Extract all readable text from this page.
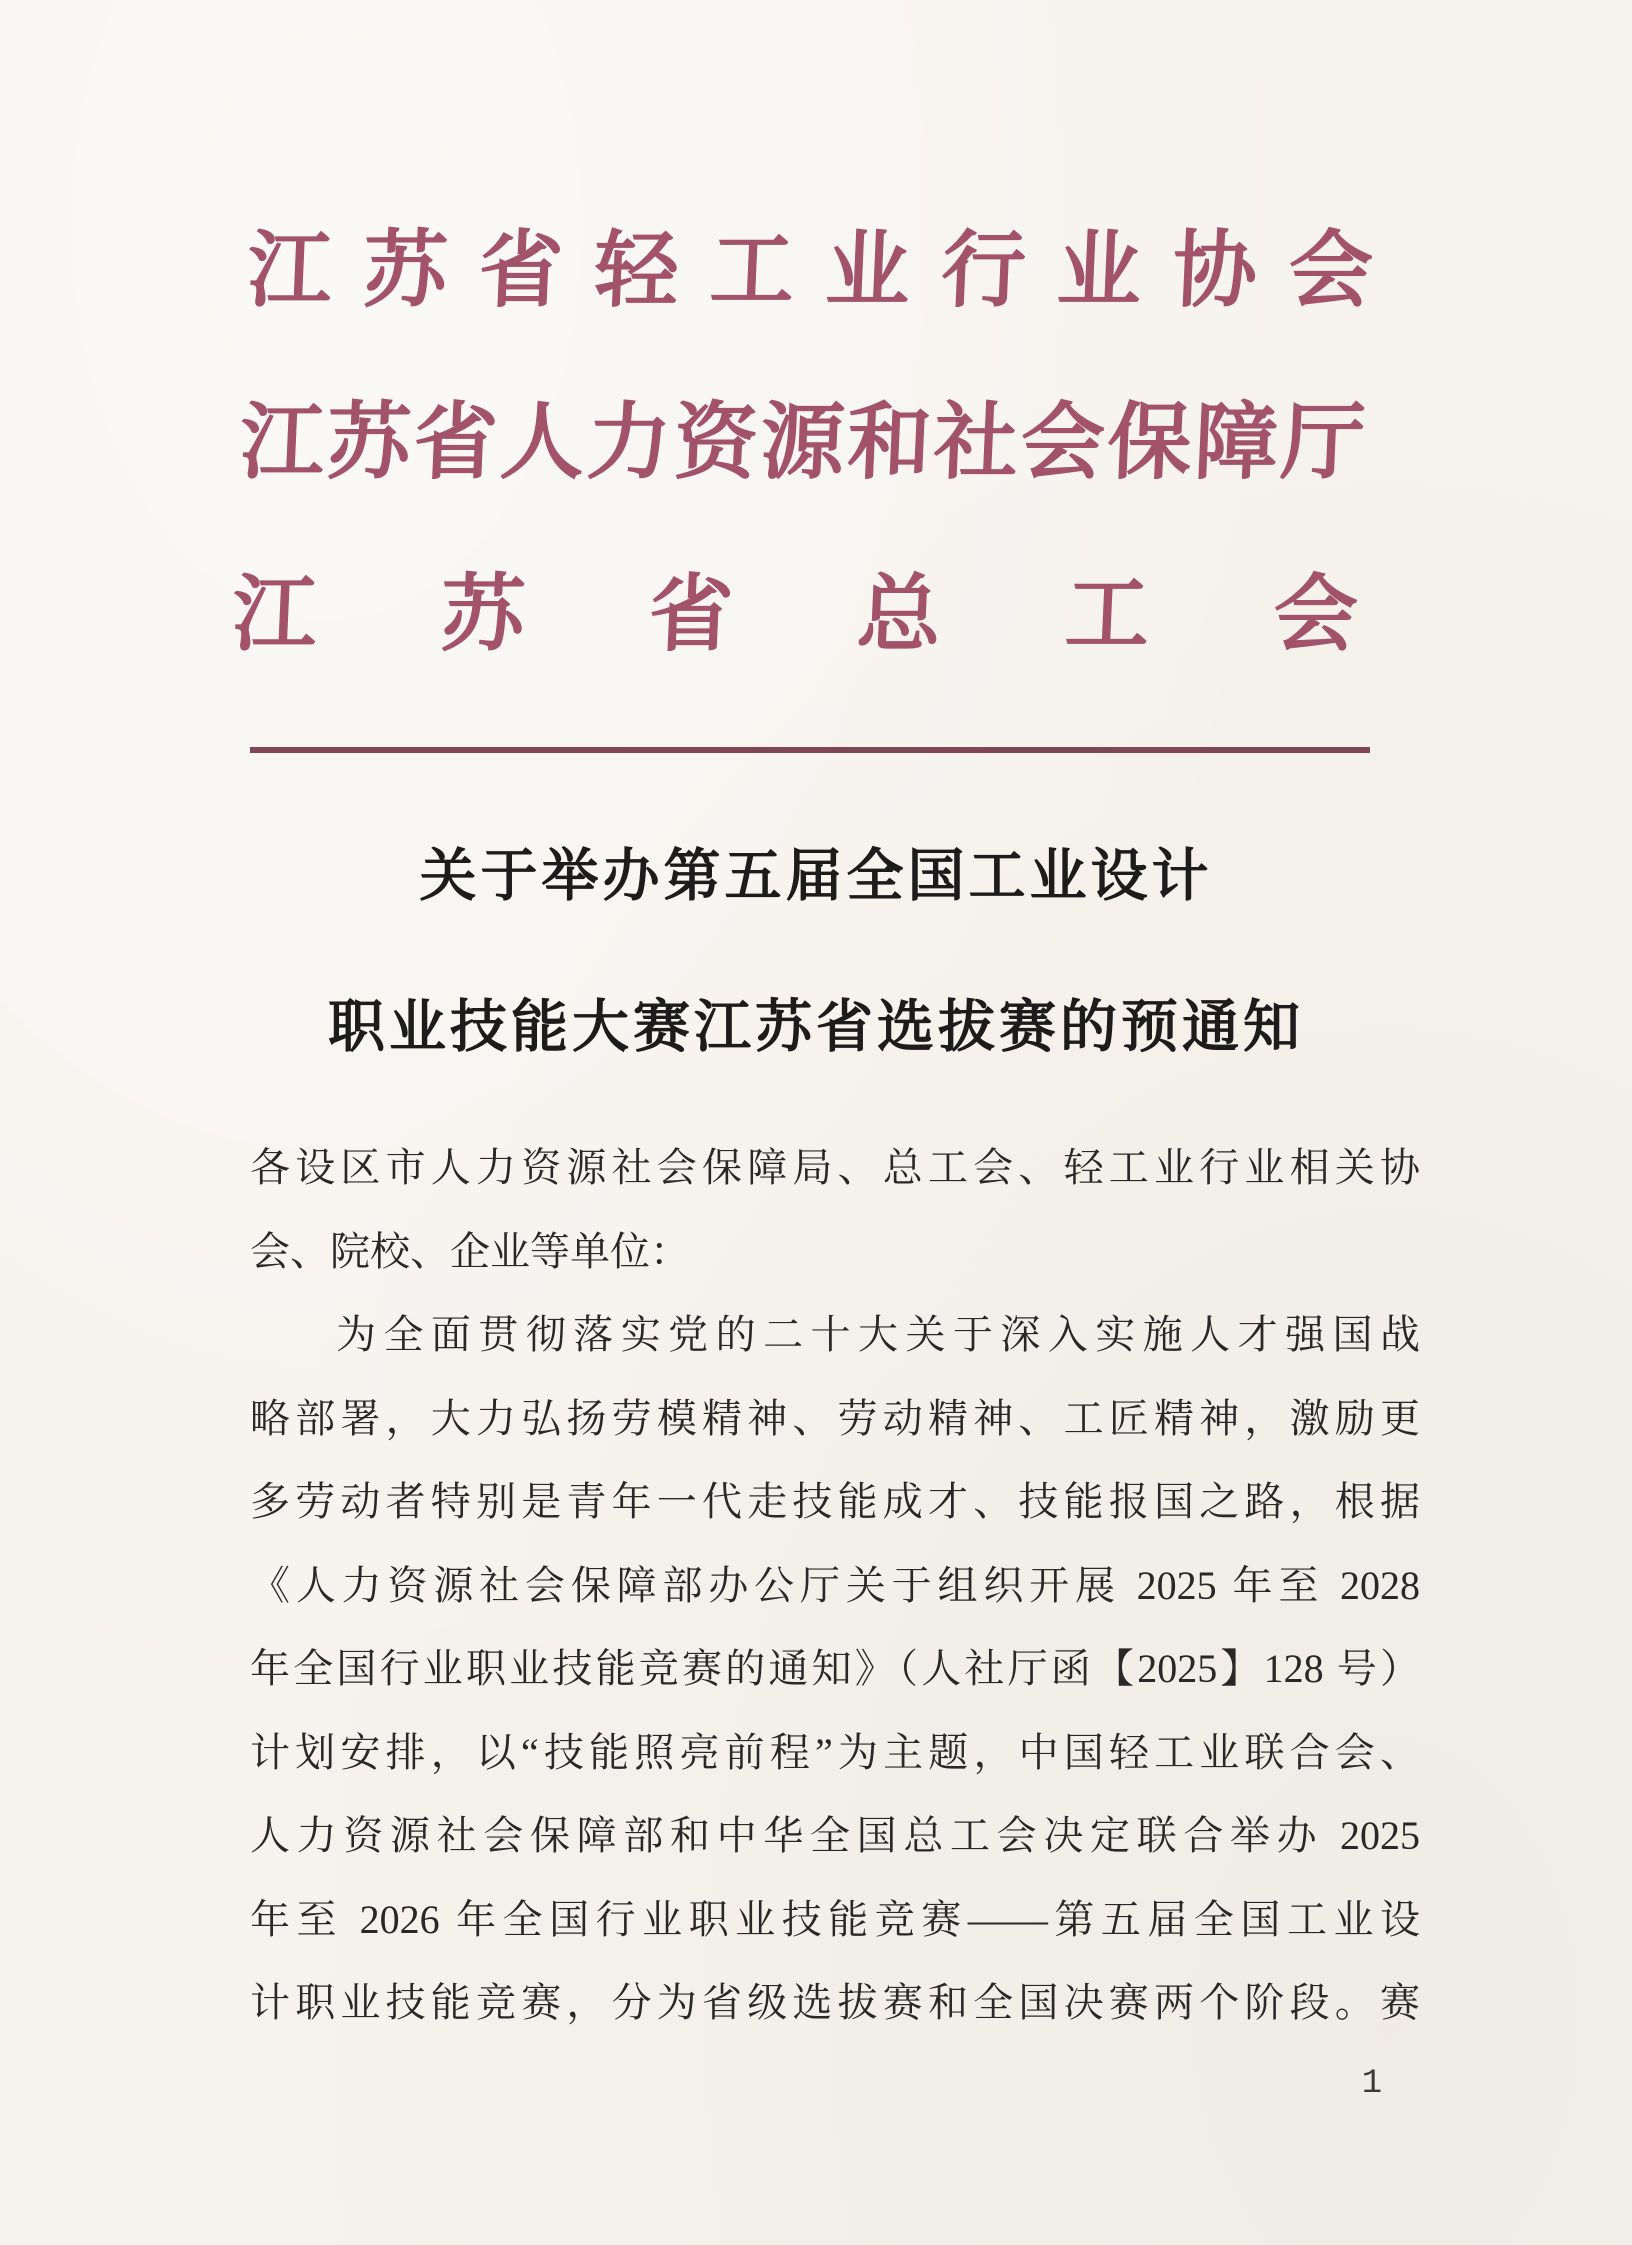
江苏省轻工业行业协会
江苏省人力资源和社会保障厅
江苏省总工会
关于举办第五届全国工业设计
职业技能大赛江苏省选拔赛的预通知
各设区市人力资源社会保障局、总工会、轻工业行业相关协
会、院校、企业等单位：
为全面贯彻落实党的二十大关于深入实施人才强国战
略部署，大力弘扬劳模精神、劳动精神、工匠精神，激励更
多劳动者特别是青年一代走技能成才、技能报国之路，根据
《人力资源社会保障部办公厅关于组织开展 2025 年至 2028
年全国行业职业技能竞赛的通知》（人社厅函【2025】128 号）
计划安排，以“技能照亮前程”为主题，中国轻工业联合会、
人力资源社会保障部和中华全国总工会决定联合举办 2025
年至 2026 年全国行业职业技能竞赛——第五届全国工业设
计职业技能竞赛，分为省级选拔赛和全国决赛两个阶段。赛
1
